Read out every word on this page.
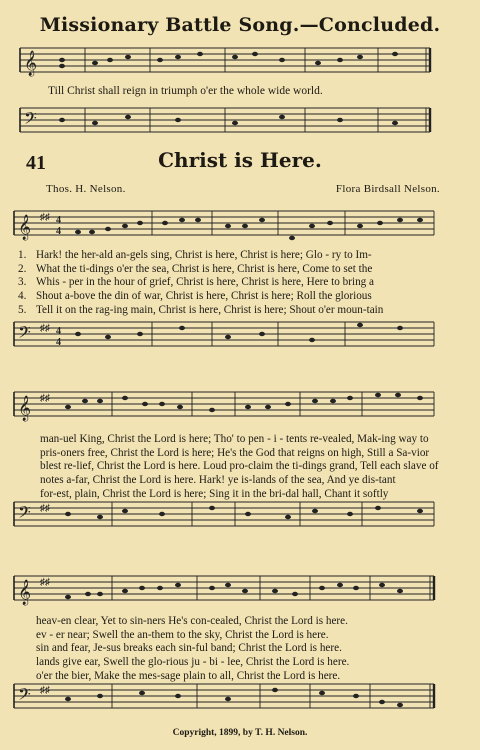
Missionary Battle Song.—Concluded.
𝄞
Till Christ shall reign in triumph o'er the whole wide world.
𝄢
41	Christ is Here.
Thos. H. Nelson.	Flora Birdsall Nelson.
𝄞 ♯♯ 4
4
1.
2.
3.
4.
5.
Hark! the her-ald an-gels sing, Christ is here, Christ is here; Glo - ry to Im-
What the ti-dings o'er the sea, Christ is here, Christ is here, Come to set the
Whis - per in the hour of grief, Christ is here, Christ is here, Here to bring a
Shout a-bove the din of war, Christ is here, Christ is here; Roll the glorious
Tell it on the rag-ing main, Christ is here, Christ is here; Shout o'er moun-tain
𝄢 ♯♯ 4
4
𝄞 ♯♯
man-uel King, Christ the Lord is here; Tho' to pen - i - tents re-vealed, Mak-ing way to
pris-oners free, Christ the Lord is here; He's the God that reigns on high, Still a Sa-vior
blest re-lief, Christ the Lord is here. Loud pro-claim the ti-dings grand, Tell each slave of
notes a-far, Christ the Lord is here. Hark! ye is-lands of the sea, And ye dis-tant
for-est, plain, Christ the Lord is here; Sing it in the bri-dal hall, Chant it softly
𝄢 ♯♯
𝄞 ♯♯
heav-en clear, Yet to sin-ners He's con-cealed, Christ the Lord is here.
ev - er near; Swell the an-them to the sky, Christ the Lord is here.
sin and fear, Je-sus breaks each sin-ful band; Christ the Lord is here.
lands give ear, Swell the glo-rious ju - bi - lee, Christ the Lord is here.
o'er the bier, Make the mes-sage plain to all, Christ the Lord is here.
𝄢 ♯♯
Copyright, 1899, by T. H. Nelson.
